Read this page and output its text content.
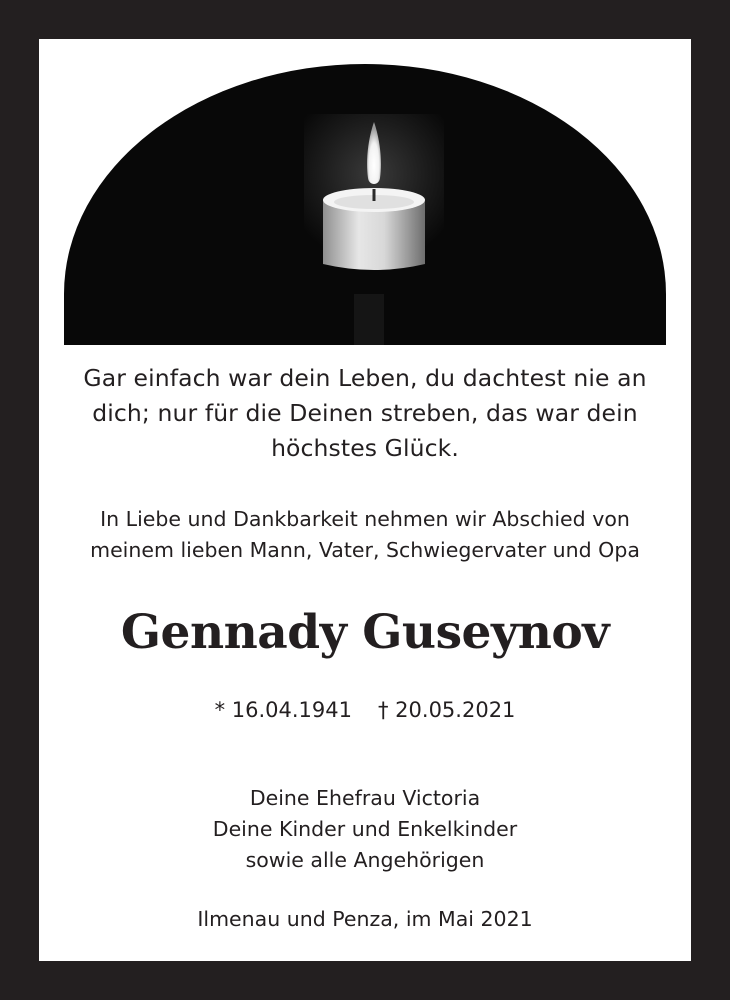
Gar einfach war dein Leben, du dachtest nie an
dich; nur für die Deinen streben, das war dein
höchstes Glück.
In Liebe und Dankbarkeit nehmen wir Abschied von
meinem lieben Mann, Vater, Schwiegervater und Opa
Gennady Guseynov
* 16.04.1941 † 20.05.2021
Deine Ehefrau Victoria
Deine Kinder und Enkelkinder
sowie alle Angehörigen
Ilmenau und Penza, im Mai 2021
